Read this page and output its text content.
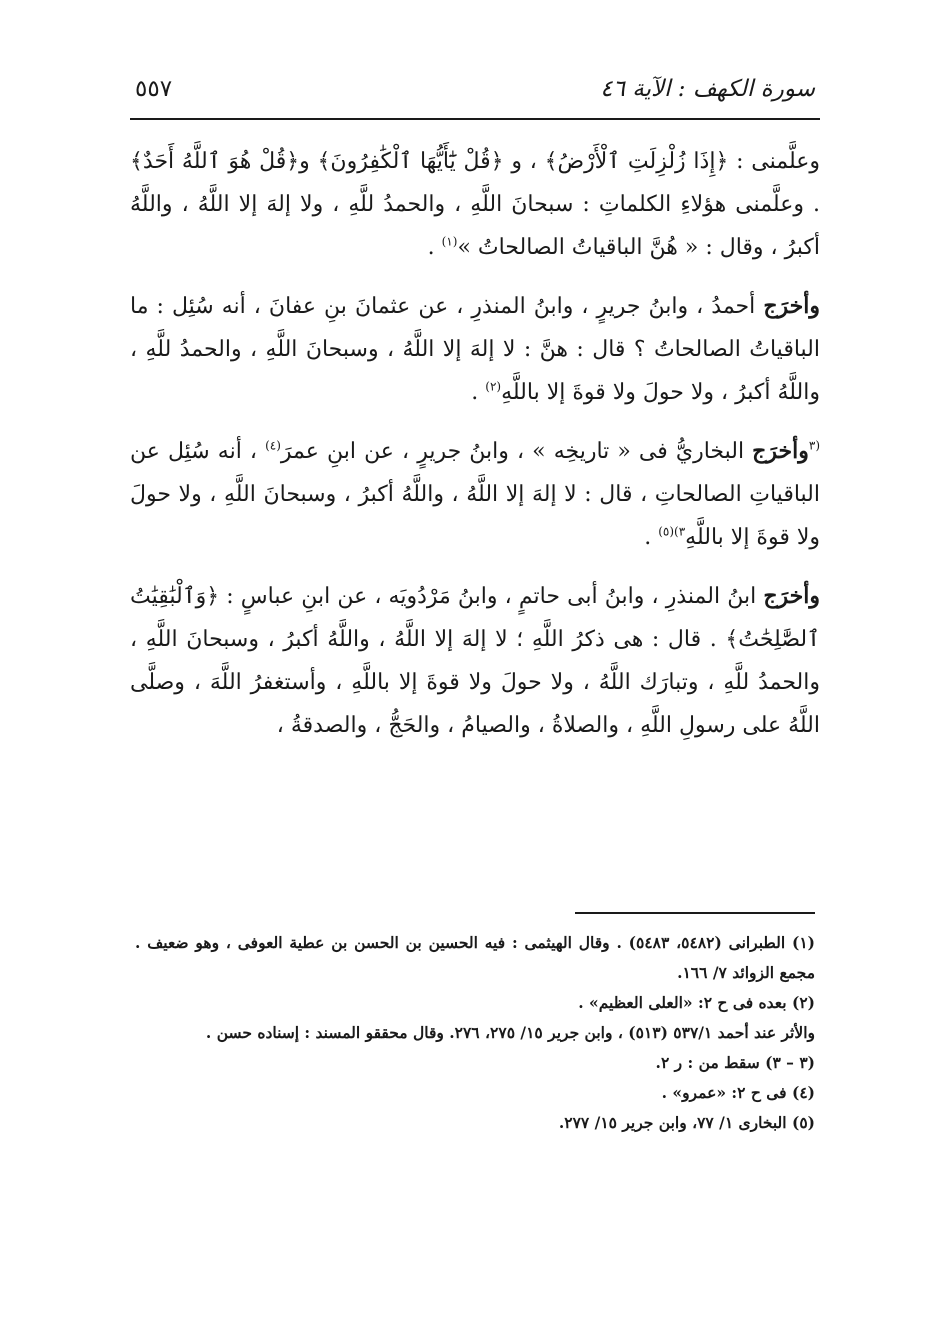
سورة الكهف : الآية ٤٦
٥٥٧

وعلَّمنى : ﴿إِذَا زُلْزِلَتِ ٱلْأَرْضُ﴾ ، و ﴿قُلْ يَٰٓأَيُّهَا ٱلْكَٰفِرُونَ﴾ و﴿قُلْ هُوَ ٱللَّهُ أَحَدٌ﴾ . وعلَّمنى هؤلاءِ الكلماتِ : سبحانَ اللَّهِ ، والحمدُ للَّهِ ، ولا إلهَ إلا اللَّهُ ، واللَّهُ أكبرُ ، وقال : « هُنَّ الباقياتُ الصالحاتُ »$^{(١)}$ .

وأخرَج أحمدُ ، وابنُ جريرٍ ، وابنُ المنذرِ ، عن عثمانَ بنِ عفانَ ، أنه سُئِل : ما الباقياتُ الصالحاتُ ؟ قال : هنَّ : لا إلهَ إلا اللَّهُ ، وسبحانَ اللَّهِ ، والحمدُ للَّهِ ، واللَّهُ أكبرُ ، ولا حولَ ولا قوةَ إلا باللَّهِ$^{(٢)}$ .

$^{(٣}$وأخرَج البخاريُّ فى « تاريخِه » ، وابنُ جريرٍ ، عن ابنِ عمرَ$^{(٤)}$ ، أنه سُئِل عن الباقياتِ الصالحاتِ ، قال : لا إلهَ إلا اللَّهُ ، واللَّهُ أكبرُ ، وسبحانَ اللَّهِ ، ولا حولَ ولا قوةَ إلا باللَّهِ$^{٣)(٥)}$ .

وأخرَج ابنُ المنذرِ ، وابنُ أبى حاتمٍ ، وابنُ مَرْدُويَه ، عن ابنِ عباسٍ : ﴿وَٱلْبَٰقِيَٰتُ ٱلصَّٰلِحَٰتُ﴾ . قال : هى ذكرُ اللَّهِ ؛ لا إلهَ إلا اللَّهُ ، واللَّهُ أكبرُ ، وسبحانَ اللَّهِ ، والحمدُ للَّهِ ، وتبارَك اللَّهُ ، ولا حولَ ولا قوةَ إلا باللَّهِ ، وأستغفرُ اللَّهَ ، وصلَّى اللَّهُ على رسولِ اللَّهِ ، والصلاةُ ، والصيامُ ، والحَجُّ ، والصدقةُ ،

(١) الطبرانى (٥٤٨٢، ٥٤٨٣) . وقال الهيثمى : فيه الحسين بن الحسن بن عطية العوفى ، وهو ضعيف . مجمع الزوائد ٧/ ١٦٦.

(٢) بعده فى ح ٢: «العلى العظيم» .

والأثر عند أحمد ٥٣٧/١ (٥١٣) ، وابن جرير ١٥/ ٢٧٥، ٢٧٦. وقال محققو المسند : إسناده حسن .

(٣ – ٣) سقط من : ر ٢.

(٤) فى ح ٢: «عمرو» .

(٥) البخارى ١/ ٧٧، وابن جرير ١٥/ ٢٧٧.
